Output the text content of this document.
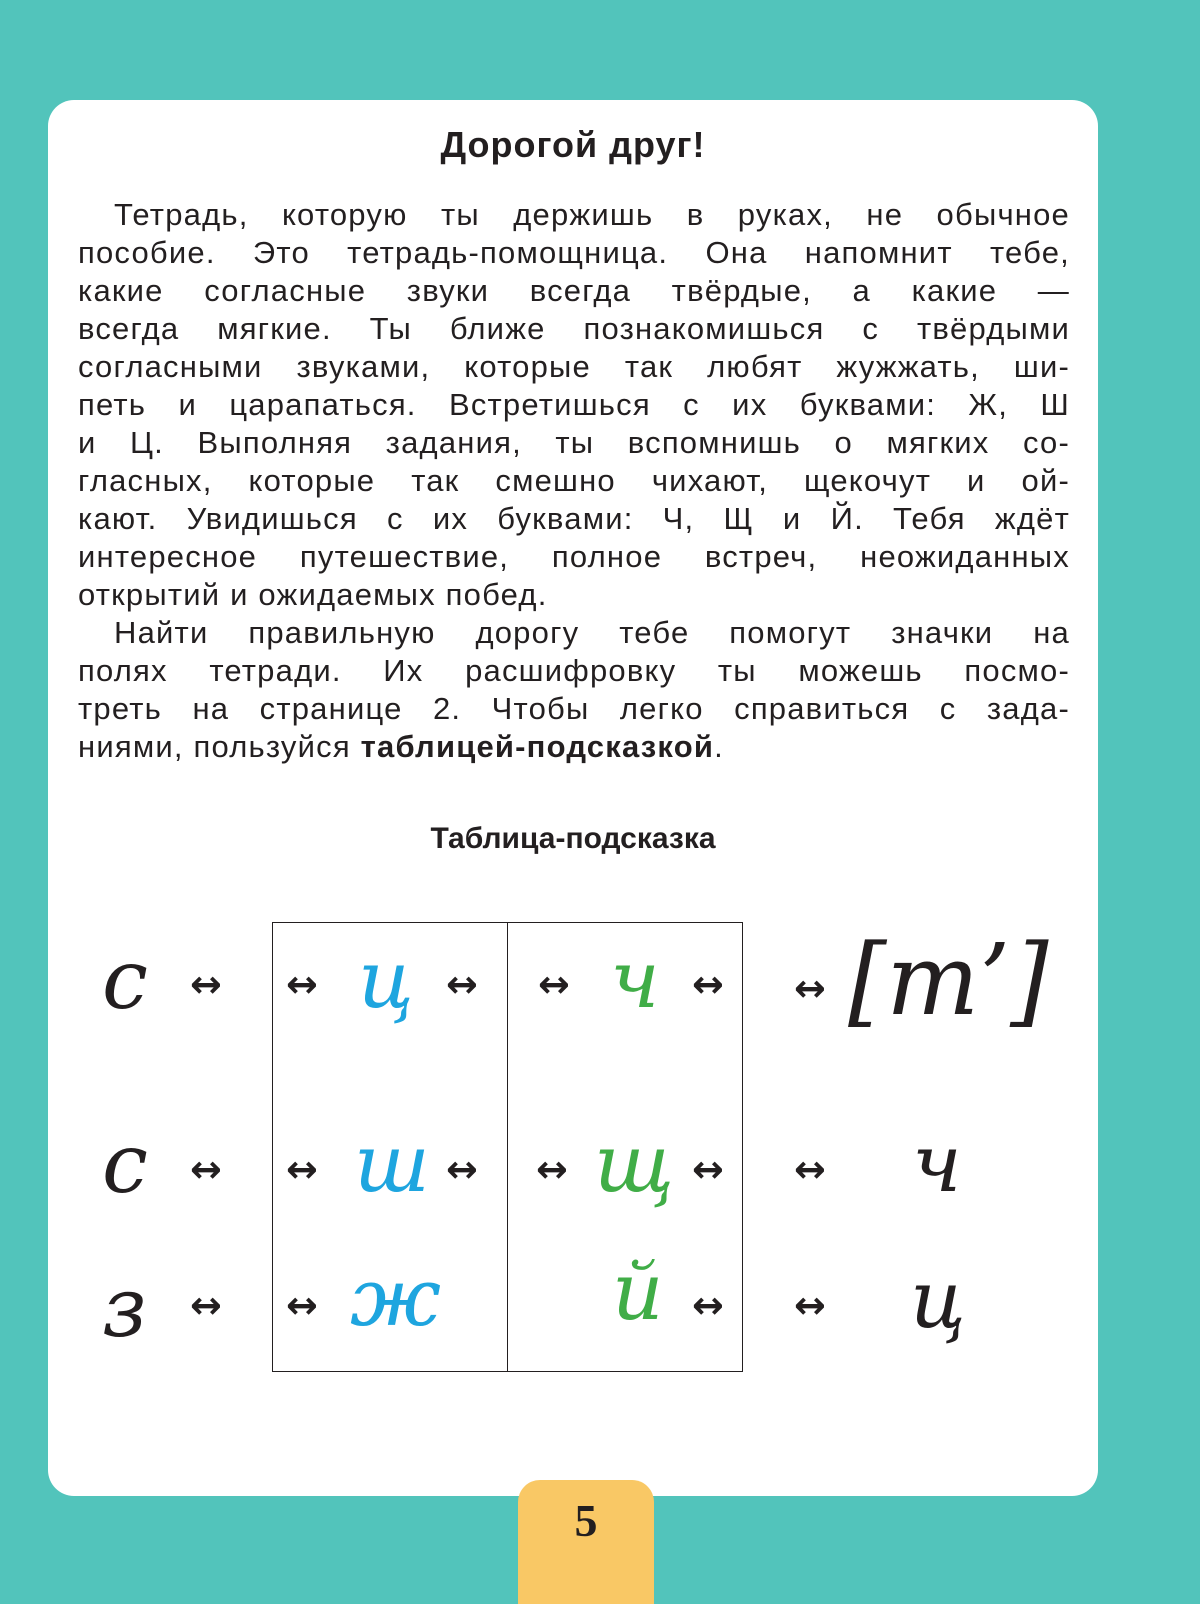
Дорогой друг!
Тетрадь, которую ты держишь в руках, не обычное
пособие. Это тетрадь-помощница. Она напомнит тебе,
какие согласные звуки всегда твёрдые, а какие —
всегда мягкие. Ты ближе познакомишься с твёрдыми
согласными звуками, которые так любят жужжать, ши-
петь и царапаться. Встретишься с их буквами: Ж, Ш
и Ц. Выполняя задания, ты вспомнишь о мягких со-
гласных, которые так смешно чихают, щекочут и ой-
кают. Увидишься с их буквами: Ч, Щ и Й. Тебя ждёт
интересное путешествие, полное встреч, неожиданных
открытий и ожидаемых побед.
Найти правильную дорогу тебе помогут значки на
полях тетради. Их расшифровку ты можешь посмо-
треть на странице 2. Чтобы легко справиться с зада-
ниями, пользуйся таблицей-подсказкой.
Таблица-подсказка
с ↔ ↔ ц ↔ ↔ ч ↔ ↔ [т’]
с ↔ ↔ ш ↔ ↔ щ ↔ ↔ ч
з ↔ ↔ ж й ↔ ↔ ц

5
